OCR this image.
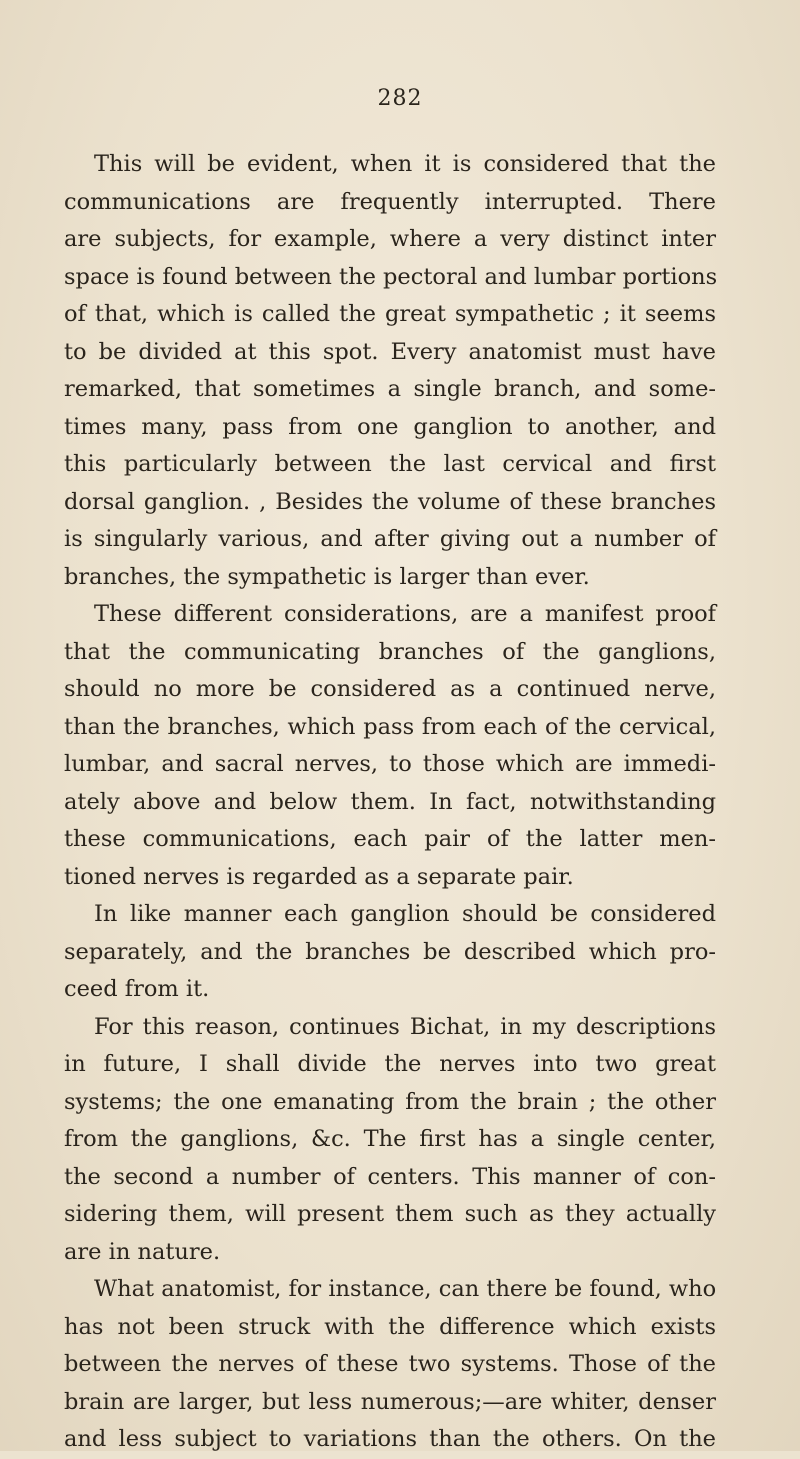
282
This will be evident, when it is considered that the
communications are frequently interrupted. There
are subjects, for example, where a very distinct inter
space is found between the pectoral and lumbar portions
of that, which is called the great sympathetic ; it seems
to be divided at this spot. Every anatomist must have
remarked, that sometimes a single branch, and some-
times many, pass from one ganglion to another, and
this particularly between the last cervical and first
dorsal ganglion. , Besides the volume of these branches
is singularly various, and after giving out a number of
branches, the sympathetic is larger than ever.
These different considerations, are a manifest proof
that the communicating branches of the ganglions,
should no more be considered as a continued nerve,
than the branches, which pass from each of the cervical,
lumbar, and sacral nerves, to those which are immedi-
ately above and below them. In fact, notwithstanding
these communications, each pair of the latter men-
tioned nerves is regarded as a separate pair.
In like manner each ganglion should be considered
separately, and the branches be described which pro-
ceed from it.
For this reason, continues Bichat, in my descriptions
in future, I shall divide the nerves into two great
systems; the one emanating from the brain ; the other
from the ganglions, &c. The first has a single center,
the second a number of centers. This manner of con-
sidering them, will present them such as they actually
are in nature.
What anatomist, for instance, can there be found, who
has not been struck with the difference which exists
between the nerves of these two systems. Those of the
brain are larger, but less numerous;—are whiter, denser
and less subject to variations than the others. On the
